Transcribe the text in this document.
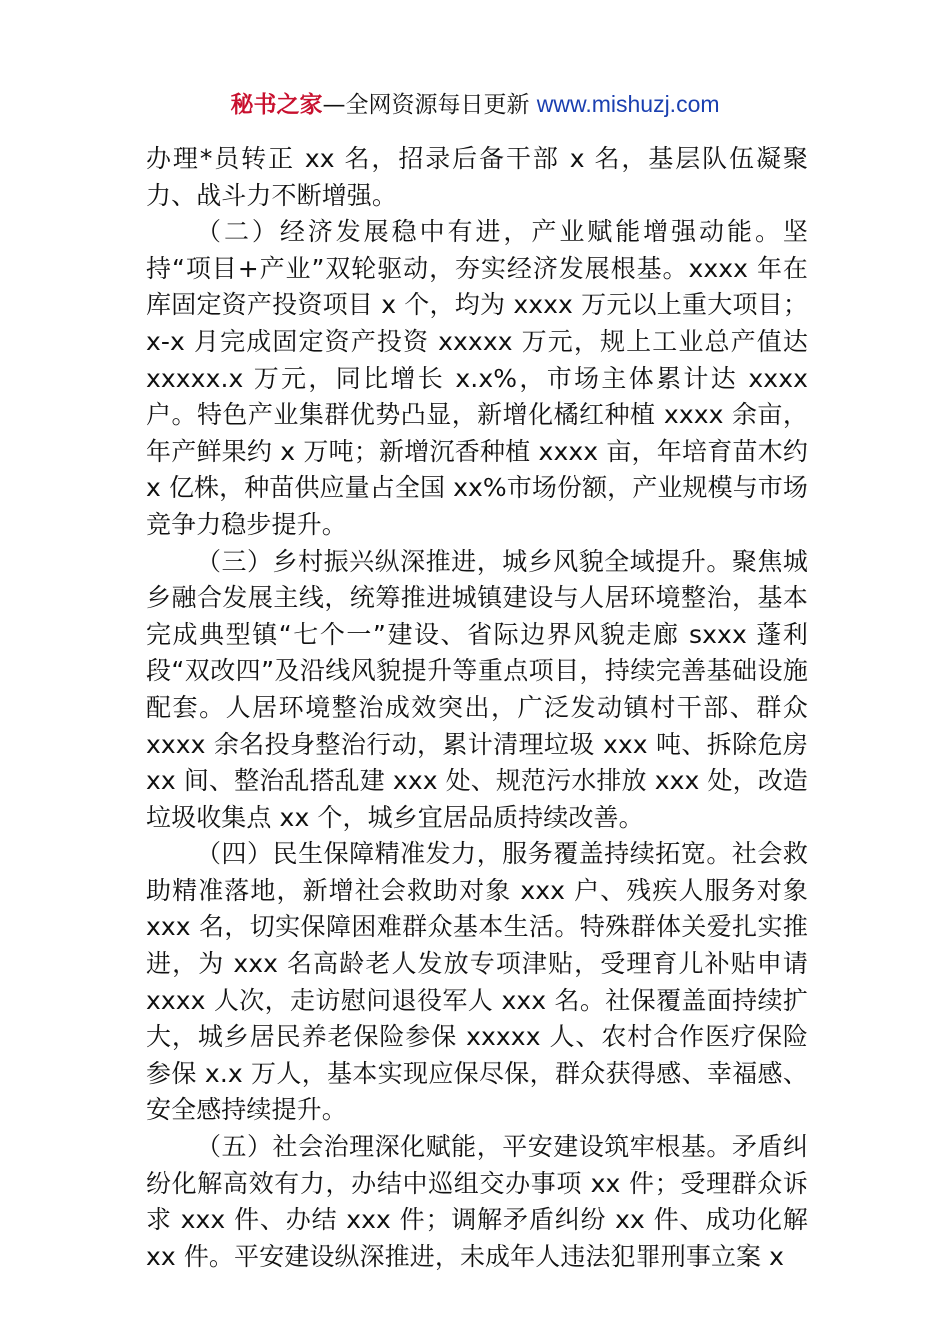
秘书之家—全网资源每日更新 www.mishuzj.com

办理*员转正 xx 名，招录后备干部 x 名，基层队伍凝聚力、战斗力不断增强。

（二）经济发展稳中有进，产业赋能增强动能。坚持“项目+产业”双轮驱动，夯实经济发展根基。xxxx 年在库固定资产投资项目 x 个，均为 xxxx 万元以上重大项目；x-x 月完成固定资产投资 xxxxx 万元，规上工业总产值达 xxxxx.x 万元，同比增长 x.x%，市场主体累计达 xxxx 户。特色产业集群优势凸显，新增化橘红种植 xxxx 余亩，年产鲜果约 x 万吨；新增沉香种植 xxxx 亩，年培育苗木约 x 亿株，种苗供应量占全国 xx%市场份额，产业规模与市场竞争力稳步提升。

（三）乡村振兴纵深推进，城乡风貌全域提升。聚焦城乡融合发展主线，统筹推进城镇建设与人居环境整治，基本完成典型镇“七个一”建设、省际边界风貌走廊 sxxx 蓬利段“双改四”及沿线风貌提升等重点项目，持续完善基础设施配套。人居环境整治成效突出，广泛发动镇村干部、群众 xxxx 余名投身整治行动，累计清理垃圾 xxx 吨、拆除危房 xx 间、整治乱搭乱建 xxx 处、规范污水排放 xxx 处，改造垃圾收集点 xx 个，城乡宜居品质持续改善。

（四）民生保障精准发力，服务覆盖持续拓宽。社会救助精准落地，新增社会救助对象 xxx 户、残疾人服务对象 xxx 名，切实保障困难群众基本生活。特殊群体关爱扎实推进，为 xxx 名高龄老人发放专项津贴，受理育儿补贴申请 xxxx 人次，走访慰问退役军人 xxx 名。社保覆盖面持续扩大，城乡居民养老保险参保 xxxxx 人、农村合作医疗保险参保 x.x 万人，基本实现应保尽保，群众获得感、幸福感、安全感持续提升。

（五）社会治理深化赋能，平安建设筑牢根基。矛盾纠纷化解高效有力，办结中巡组交办事项 xx 件；受理群众诉求 xxx 件、办结 xxx 件；调解矛盾纠纷 xx 件、成功化解 xx 件。平安建设纵深推进，未成年人违法犯罪刑事立案 x
